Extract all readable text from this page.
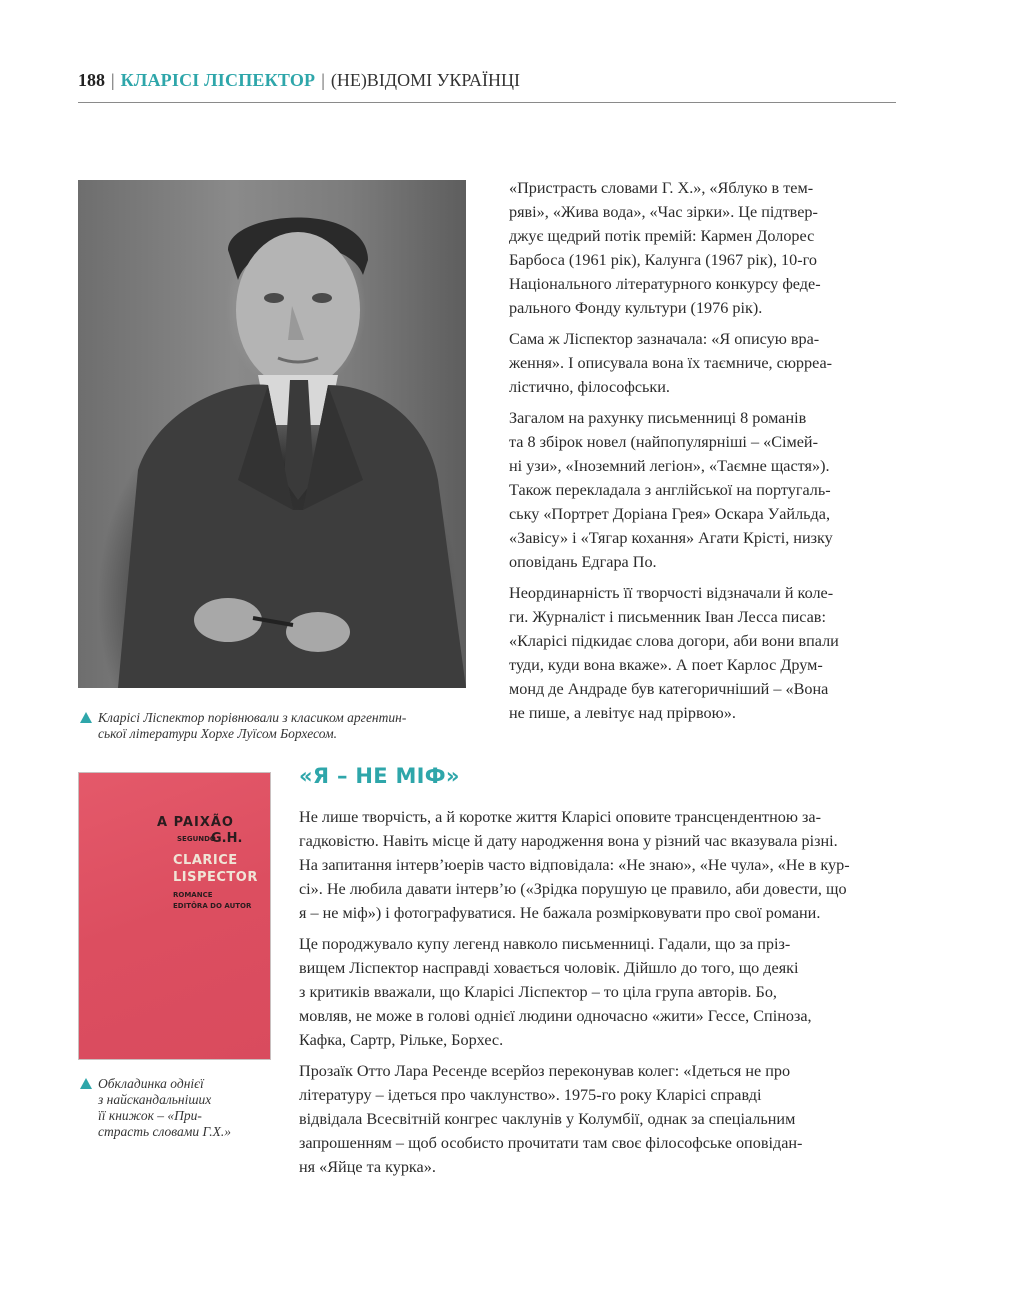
188 | КЛАРІСІ ЛІСПЕКТОР | (НЕ)ВІДОМІ УКРАЇНЦІ
Кларісі Ліспектор порівнювали з класиком аргентин-
ської літератури Хорхе Луїсом Борхесом.

«Пристрасть словами Г. Х.», «Яблуко в тем-
ряві», «Жива вода», «Час зірки». Це підтвер-
джує щедрий потік премій: Кармен Долорес
Барбоса (1961 рік), Калунга (1967 рік), 10-го
Національного літературного конкурсу феде-
рального Фонду культури (1976 рік).

Сама ж Ліспектор зазначала: «Я описую вра-
ження». І описувала вона їх таємниче, сюрреа-
лістично, філософськи.

Загалом на рахунку письменниці 8 романів
та 8 збірок новел (найпопулярніші – «Сімей-
ні узи», «Іноземний легіон», «Таємне щастя»).
Також перекладала з англійської на португаль-
ську «Портрет Доріана Грея» Оскара Уайльда,
«Завісу» і «Тягар кохання» Агати Крісті, низку
оповідань Едгара По.

Неординарність її творчості відзначали й коле-
ги. Журналіст і письменник Іван Лесса писав:
«Кларісі підкидає слова догори, аби вони впали
туди, куди вона вкаже». А поет Карлос Друм-
монд де Андраде був категоричніший – «Вона
не пише, а левітує над прірвою».

A PAIXÃO
SEGUNDO
G.H.
CLARICE
LISPECTOR
ROMANCE
EDITÔRA DO AUTOR
Обкладинка однієї
з найскандальніших
її книжок – «При-
страсть словами Г.Х.»
«Я – НЕ МІФ»

Не лише творчість, а й коротке життя Кларісі оповите трансцендентною за-
гадковістю. Навіть місце й дату народження вона у різний час вказувала різні.
На запитання інтерв’юерів часто відповідала: «Не знаю», «Не чула», «Не в кур-
сі». Не любила давати інтерв’ю («Зрідка порушую це правило, аби довести, що
я – не міф») і фотографуватися. Не бажала розмірковувати про свої романи.

Це породжувало купу легенд навколо письменниці. Гадали, що за пріз-
вищем Ліспектор насправді ховається чоловік. Дійшло до того, що деякі
з критиків вважали, що Кларісі Ліспектор – то ціла група авторів. Бо,
мовляв, не може в голові однієї людини одночасно «жити» Гессе, Спіноза,
Кафка, Сартр, Рільке, Борхес.

Прозаїк Отто Лара Ресенде всерйоз переконував колег: «Ідеться не про
літературу – ідеться про чаклунство». 1975-го року Кларісі справді
відвідала Всесвітній конгрес чаклунів у Колумбії, однак за спеціальним
запрошенням – щоб особисто прочитати там своє філософське оповідан-
ня «Яйце та курка».
